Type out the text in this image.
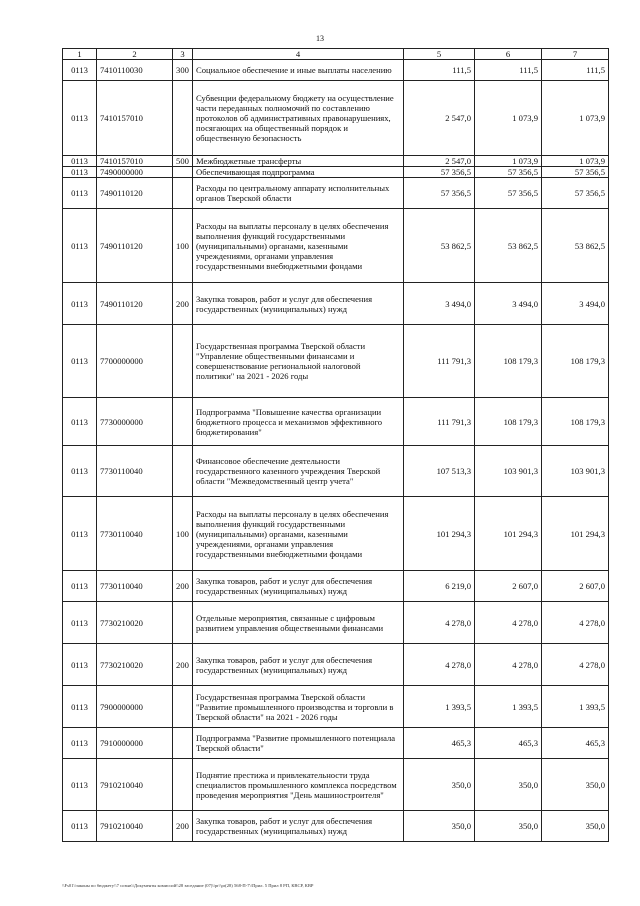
13
1	2	3	4	5	6	7
0113	7410110030	300	Социальное обеспечение и иные выплаты населению	111,5	111,5	111,5
0113	7410157010		Субвенции федеральному бюджету на осуществление части переданных полномочий по составлению протоколов об административных правонарушениях, посягающих на общественный порядок и общественную безопасность	2 547,0	1 073,9	1 073,9
0113	7410157010	500	Межбюджетные трансферты	2 547,0	1 073,9	1 073,9
0113	7490000000		Обеспечивающая подпрограмма	57 356,5	57 356,5	57 356,5
0113	7490110120		Расходы по центральному аппарату исполнительных органов Тверской области	57 356,5	57 356,5	57 356,5
0113	7490110120	100	Расходы на выплаты персоналу в целях обеспечения выполнения функций государственными (муниципальными) органами, казенными учреждениями, органами управления государственными внебюджетными фондами	53 862,5	53 862,5	53 862,5
0113	7490110120	200	Закупка товаров, работ и услуг для обеспечения государственных (муниципальных) нужд	3 494,0	3 494,0	3 494,0
0113	7700000000		Государственная программа Тверской области "Управление общественными финансами и совершенствование региональной налоговой политики" на 2021 - 2026 годы	111 791,3	108 179,3	108 179,3
0113	7730000000		Подпрограмма "Повышение качества организации бюджетного процесса и механизмов эффективного бюджетирования"	111 791,3	108 179,3	108 179,3
0113	7730110040		Финансовое обеспечение деятельности государственного казенного учреждения Тверской области "Межведомственный центр учета"	107 513,3	103 901,3	103 901,3
0113	7730110040	100	Расходы на выплаты персоналу в целях обеспечения выполнения функций государственными (муниципальными) органами, казенными учреждениями, органами управления государственными внебюджетными фондами	101 294,3	101 294,3	101 294,3
0113	7730110040	200	Закупка товаров, работ и услуг для обеспечения государственных (муниципальных) нужд	6 219,0	2 607,0	2 607,0
0113	7730210020		Отдельные мероприятия, связанные с цифровым развитием управления общественными финансами	4 278,0	4 278,0	4 278,0
0113	7730210020	200	Закупка товаров, работ и услуг для обеспечения государственных (муниципальных) нужд	4 278,0	4 278,0	4 278,0
0113	7900000000		Государственная программа Тверской области "Развитие промышленного производства и торговли в Тверской области" на 2021 - 2026 годы	1 393,5	1 393,5	1 393,5
0113	7910000000		Подпрограмма "Развитие промышленного потенциала Тверской области"	465,3	465,3	465,3
0113	7910210040		Поднятие престижа и привлекательности труда специалистов промышленного комплекса посредством проведения мероприятия "День машиностроителя"	350,0	350,0	350,0
0113	7910210040	200	Закупка товаров, работ и услуг для обеспечения государственных (муниципальных) нужд	350,0	350,0	350,0
\\Fs01\\законы по бюджету\\7 созыв\\Документы комиссий\\28 заседание (07)\\pr\\pr(28) 568-П-7\\Прил. 5 Прил 8 РП, КВСР, КВР
